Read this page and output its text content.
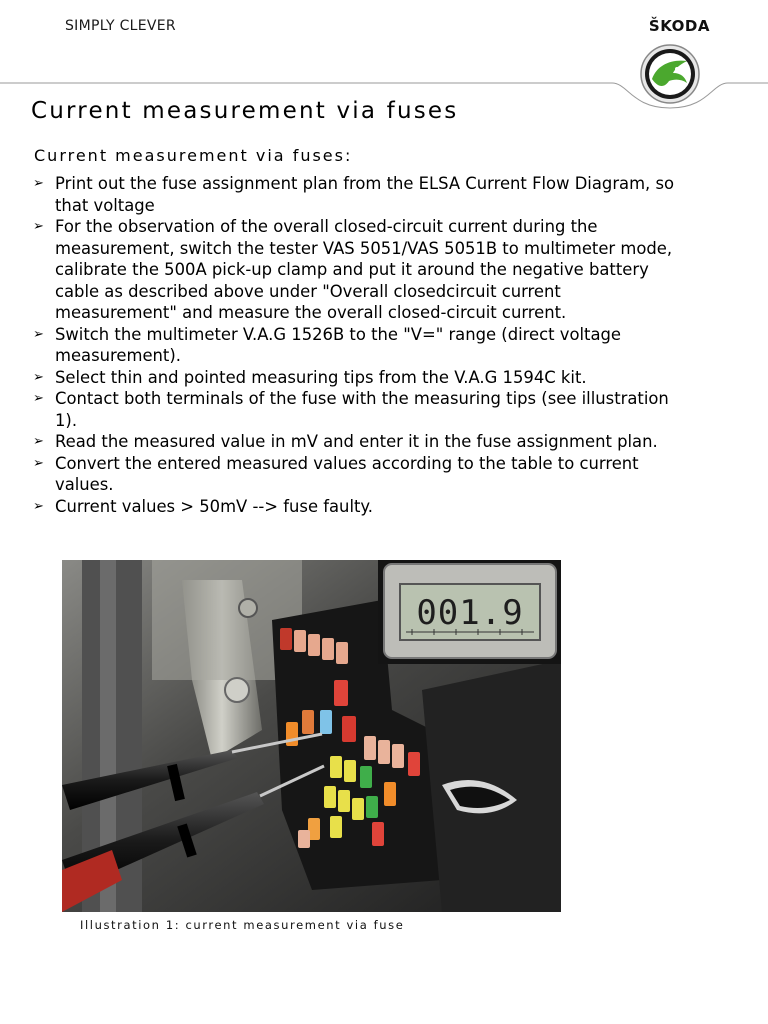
SIMPLY CLEVER	ŠKODA
Current measurement via fuses
Current measurement via fuses:
➢ Print out the fuse assignment plan from the ELSA Current Flow Diagram, so that voltage
➢ For the observation of the overall closed-circuit current during the measurement, switch the tester VAS 5051/VAS 5051B to multimeter mode, calibrate the 500A pick-up clamp and put it around the negative battery cable as described above under "Overall closedcircuit current measurement" and measure the overall closed-circuit current.
➢ Switch the multimeter V.A.G 1526B to the "V=" range (direct voltage measurement).
➢ Select thin and pointed measuring tips from the V.A.G 1594C kit.
➢ Contact both terminals of the fuse with the measuring tips (see illustration 1).
➢ Read the measured value in mV and enter it in the fuse assignment plan.
➢ Convert the entered measured values according to the table to current values.
➢ Current values > 50mV --> fuse faulty.
001.9
Illustration 1: current measurement via fuse
